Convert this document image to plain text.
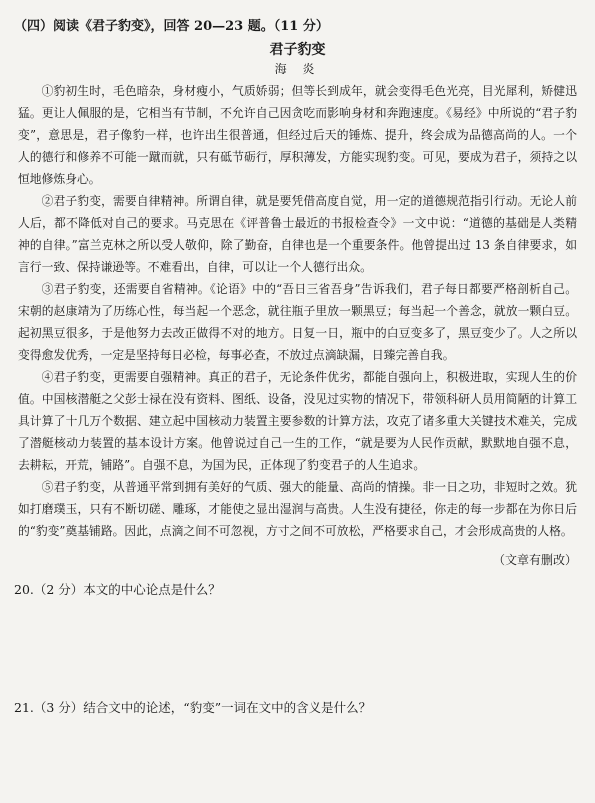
（四）阅读《君子豹变》，回答 20—23 题。（11 分）
君子豹变
海 炎

①豹初生时，毛色暗杂，身材瘦小，气质娇弱；但等长到成年，就会变得毛色光亮，目光犀利，矫健迅猛。更让人佩服的是，它相当有节制，不允许自己因贪吃而影响身材和奔跑速度。《易经》中所说的“君子豹变”，意思是，君子像豹一样，也许出生很普通，但经过后天的锤炼、提升，终会成为品德高尚的人。一个人的德行和修养不可能一蹴而就，只有砥节砺行，厚积薄发，方能实现豹变。可见，要成为君子，须持之以恒地修炼身心。

②君子豹变，需要自律精神。所谓自律，就是要凭借高度自觉，用一定的道德规范指引行动。无论人前人后，都不降低对自己的要求。马克思在《评普鲁士最近的书报检查令》一文中说：“道德的基础是人类精神的自律。”富兰克林之所以受人敬仰，除了勤奋，自律也是一个重要条件。他曾提出过 13 条自律要求，如言行一致、保持谦逊等。不难看出，自律，可以让一个人德行出众。

③君子豹变，还需要自省精神。《论语》中的“吾日三省吾身”告诉我们，君子每日都要严格剖析自己。宋朝的赵康靖为了历练心性，每当起一个恶念，就往瓶子里放一颗黑豆；每当起一个善念，就放一颗白豆。起初黑豆很多，于是他努力去改正做得不对的地方。日复一日，瓶中的白豆变多了，黑豆变少了。人之所以变得愈发优秀，一定是坚持每日必检，每事必查，不放过点滴缺漏，日臻完善自我。

④君子豹变，更需要自强精神。真正的君子，无论条件优劣，都能自强向上，积极进取，实现人生的价值。中国核潜艇之父彭士禄在没有资料、图纸、设备，没见过实物的情况下，带领科研人员用简陋的计算工具计算了十几万个数据、建立起中国核动力装置主要参数的计算方法，攻克了诸多重大关键技术难关，完成了潜艇核动力装置的基本设计方案。他曾说过自己一生的工作，“就是要为人民作贡献，默默地自强不息，去耕耘，开荒，铺路”。自强不息，为国为民，正体现了豹变君子的人生追求。

⑤君子豹变，从普通平常到拥有美好的气质、强大的能量、高尚的情操。非一日之功，非短时之效。犹如打磨璞玉，只有不断切磋、雕琢，才能使之显出湿润与高贵。人生没有捷径，你走的每一步都在为你日后的“豹变”奠基铺路。因此，点滴之间不可忽视，方寸之间不可放松，严格要求自己，才会形成高贵的人格。

（文章有删改）
20.（2 分）本文的中心论点是什么？
21.（3 分）结合文中的论述，“豹变”一词在文中的含义是什么？
